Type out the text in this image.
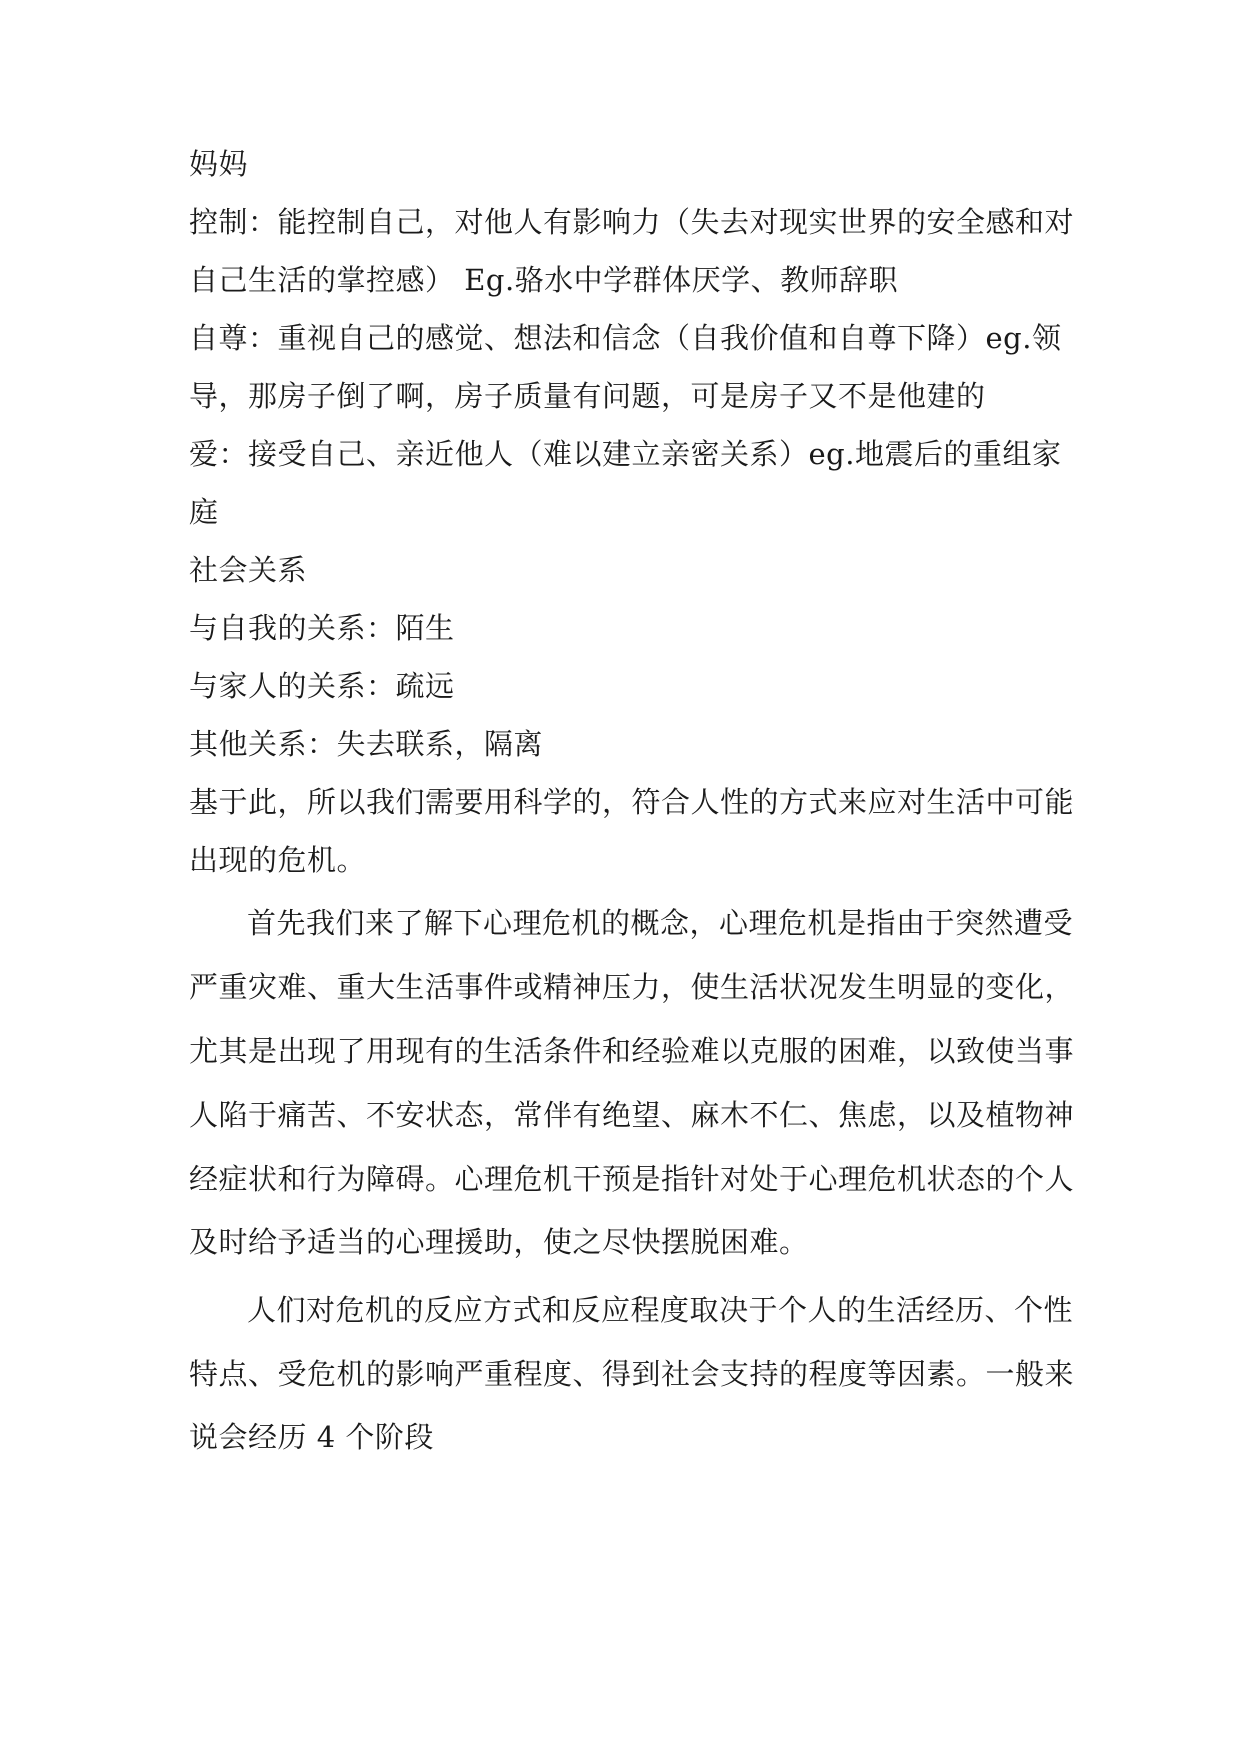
妈妈

控制：能控制自己，对他人有影响力（失去对现实世界的安全感和对

自己生活的掌控感） Eg.骆水中学群体厌学、教师辞职

自尊：重视自己的感觉、想法和信念（自我价值和自尊下降）eg.领

导，那房子倒了啊，房子质量有问题，可是房子又不是他建的

爱：接受自己、亲近他人（难以建立亲密关系）eg.地震后的重组家

庭

社会关系

与自我的关系：陌生

与家人的关系：疏远

其他关系：失去联系，隔离

基于此，所以我们需要用科学的，符合人性的方式来应对生活中可能

出现的危机。

首先我们来了解下心理危机的概念，心理危机是指由于突然遭受

严重灾难、重大生活事件或精神压力，使生活状况发生明显的变化，

尤其是出现了用现有的生活条件和经验难以克服的困难，以致使当事

人陷于痛苦、不安状态，常伴有绝望、麻木不仁、焦虑，以及植物神

经症状和行为障碍。心理危机干预是指针对处于心理危机状态的个人

及时给予适当的心理援助，使之尽快摆脱困难。

人们对危机的反应方式和反应程度取决于个人的生活经历、个性

特点、受危机的影响严重程度、得到社会支持的程度等因素。一般来

说会经历 4 个阶段
